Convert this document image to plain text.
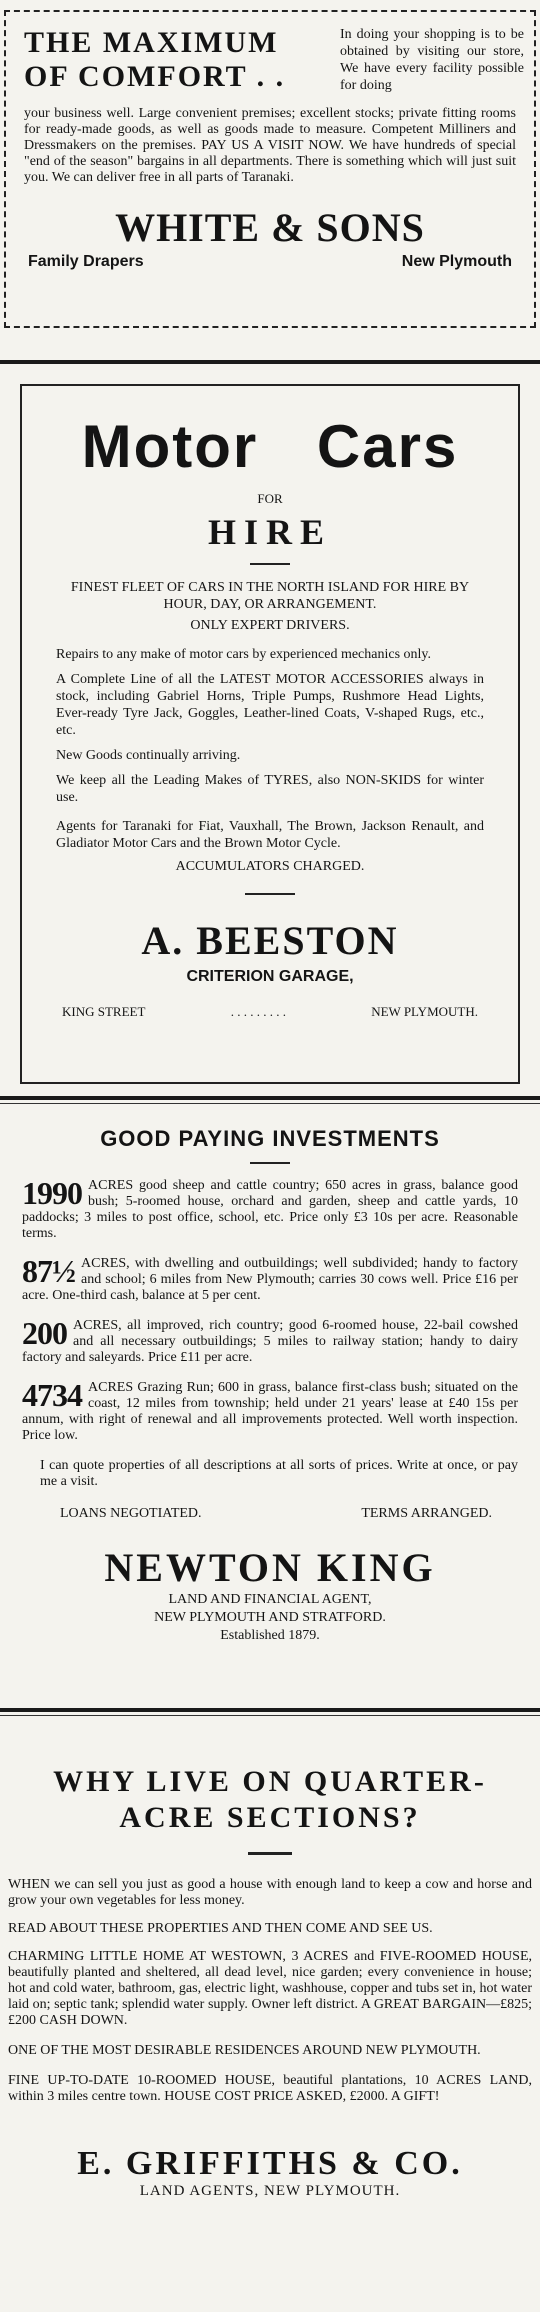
THE MAXIMUM OF COMFORT . .
In doing your shopping is to be obtained by visiting our store, We have every facility possible for doing
your business well. Large convenient premises; excellent stocks; private fitting rooms for ready-made goods, as well as goods made to measure. Competent Milliners and Dressmakers on the premises. PAY US A VISIT NOW. We have hundreds of special "end of the season" bargains in all departments. There is something which will just suit you. We can deliver free in all parts of Taranaki.
WHITE & SONS
Family Drapers	New Plymouth
Motor Cars
FOR
HIRE

FINEST FLEET OF CARS IN THE NORTH ISLAND FOR HIRE BY HOUR, DAY, OR ARRANGEMENT.

ONLY EXPERT DRIVERS.

Repairs to any make of motor cars by experienced mechanics only.

A Complete Line of all the LATEST MOTOR ACCESSORIES always in stock, including Gabriel Horns, Triple Pumps, Rushmore Head Lights, Ever-ready Tyre Jack, Goggles, Leather-lined Coats, V-shaped Rugs, etc., etc.

New Goods continually arriving.

We keep all the Leading Makes of TYRES, also NON-SKIDS for winter use.

Agents for Taranaki for Fiat, Vauxhall, The Brown, Jackson Renault, and Gladiator Motor Cars and the Brown Motor Cycle.

ACCUMULATORS CHARGED.

A. BEESTON
CRITERION GARAGE,
KING STREET	. . . . . . . . .	NEW PLYMOUTH.
GOOD PAYING INVESTMENTS
1990 ACRES good sheep and cattle country; 650 acres in grass, balance good bush; 5-roomed house, orchard and garden, sheep and cattle yards, 10 paddocks; 3 miles to post office, school, etc. Price only £3 10s per acre. Reasonable terms.
87½ ACRES, with dwelling and outbuildings; well subdivided; handy to factory and school; 6 miles from New Plymouth; carries 30 cows well. Price £16 per acre. One-third cash, balance at 5 per cent.
200 ACRES, all improved, rich country; good 6-roomed house, 22-bail cowshed and all necessary outbuildings; 5 miles to railway station; handy to dairy factory and saleyards. Price £11 per acre.
4734 ACRES Grazing Run; 600 in grass, balance first-class bush; situated on the coast, 12 miles from township; held under 21 years' lease at £40 15s per annum, with right of renewal and all improvements protected. Well worth inspection. Price low.
I can quote properties of all descriptions at all sorts of prices. Write at once, or pay me a visit.
LOANS NEGOTIATED.	TERMS ARRANGED.
NEWTON KING
LAND AND FINANCIAL AGENT,
NEW PLYMOUTH AND STRATFORD.
Established 1879.
WHY LIVE ON QUARTER-
ACRE SECTIONS?

WHEN we can sell you just as good a house with enough land to keep a cow and horse and grow your own vegetables for less money.

READ ABOUT THESE PROPERTIES AND THEN COME AND SEE US.

CHARMING LITTLE HOME AT WESTOWN, 3 ACRES and FIVE-ROOMED HOUSE, beautifully planted and sheltered, all dead level, nice garden; every convenience in house; hot and cold water, bathroom, gas, electric light, washhouse, copper and tubs set in, hot water laid on; septic tank; splendid water supply. Owner left district. A GREAT BARGAIN—£825; £200 CASH DOWN.

ONE OF THE MOST DESIRABLE RESIDENCES AROUND NEW PLYMOUTH.

FINE UP-TO-DATE 10-ROOMED HOUSE, beautiful plantations, 10 ACRES LAND, within 3 miles centre town. HOUSE COST PRICE ASKED, £2000. A GIFT!

E. GRIFFITHS & CO.
LAND AGENTS, NEW PLYMOUTH.
